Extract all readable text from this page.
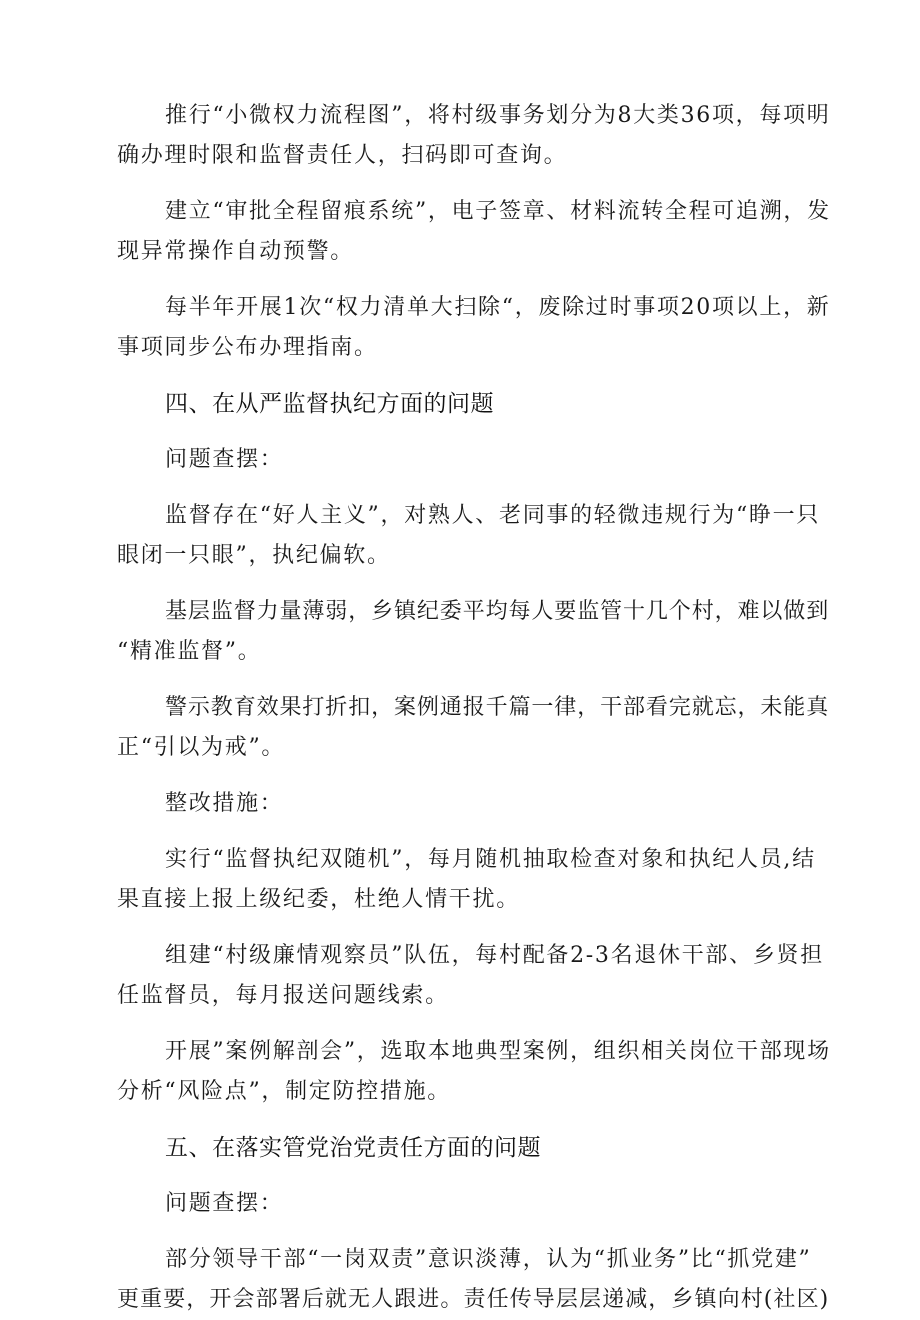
推行“小微权力流程图”，将村级事务划分为8大类36项，每项明
确办理时限和监督责任人，扫码即可查询。

建立“审批全程留痕系统”，电子签章、材料流转全程可追溯，发
现异常操作自动预警。

每半年开展1次“权力清单大扫除“，废除过时事项20项以上，新
事项同步公布办理指南。

四、在从严监督执纪方面的问题
问题查摆：

监督存在“好人主义”，对熟人、老同事的轻微违规行为“睁一只
眼闭一只眼”，执纪偏软。

基层监督力量薄弱，乡镇纪委平均每人要监管十几个村，难以做到
“精准监督”。

警示教育效果打折扣，案例通报千篇一律，干部看完就忘，未能真
正“引以为戒”。

整改措施：

实行“监督执纪双随机”，每月随机抽取检查对象和执纪人员,结
果直接上报上级纪委，杜绝人情干扰。

组建“村级廉情观察员”队伍，每村配备2-3名退休干部、乡贤担
任监督员，每月报送问题线索。

开展”案例解剖会”，选取本地典型案例，组织相关岗位干部现场
分析“风险点”，制定防控措施。

五、在落实管党治党责任方面的问题
问题查摆：

部分领导干部“一岗双责”意识淡薄，认为“抓业务”比“抓党建”
更重要，开会部署后就无人跟进。责任传导层层递减，乡镇向村(社区)
